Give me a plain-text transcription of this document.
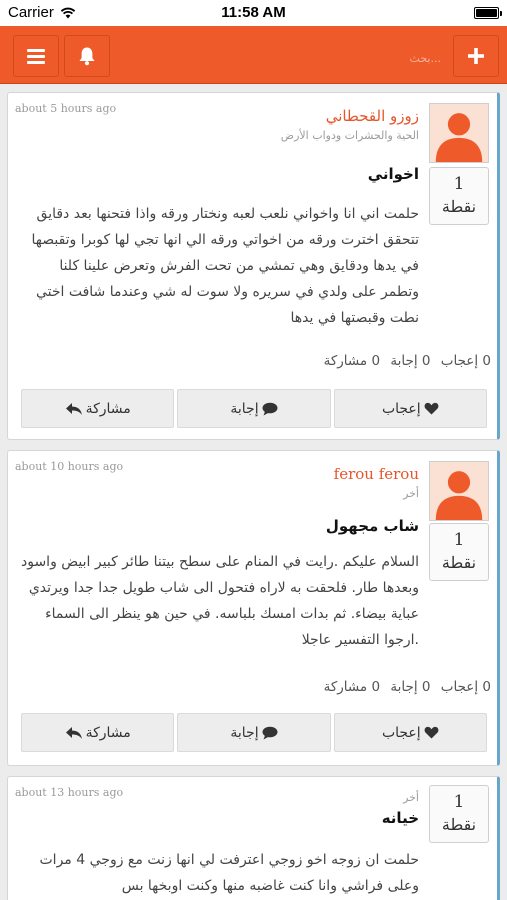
Carrier	11:58 AM
بحث...
about 5 hours ago	زوزو القحطاني
الحية والحشرات ودواب الأرض
1
نقطة
اخواني
حلمت اني انا واخواني نلعب لعبه ونختار ورقه واذا فتحنها بعد دقايق تتحقق اخترت ورقه من اخواتي ورقه الي انها تجي لها كوبرا وتقبصها في يدها ودقايق وهي تمشي من تحت الفرش وتعرض علينا كلنا وتطمر على ولدي في سريره ولا سوت له شي وعندما شافت اختي نطت وقبصتها في يدها
0 إعجاب 0 إجابة 0 مشاركة
مشاركة	إجابة	إعجاب
about 10 hours ago	ferou ferou
أخر
1
نقطة
شاب مجهول
السلام عليكم .رايت في المنام على سطح بيتنا طائر كبير ابيض واسود وبعدها طار. فلحقت به لاراه فتحول الى شاب طويل جدا جدا ويرتدي عباية بيضاء. ثم بدات امسك بلباسه. في حين هو ينظر الى السماء .ارجوا التفسير عاجلا
0 إعجاب 0 إجابة 0 مشاركة
مشاركة	إجابة	إعجاب
about 13 hours ago	1
نقطة
أخر
خيانه
حلمت ان زوجه اخو زوجي اعترفت لي انها زنت مع زوجي 4 مرات وعلى فراشي وانا كنت غاضبه منها وكنت اوبخها بس
